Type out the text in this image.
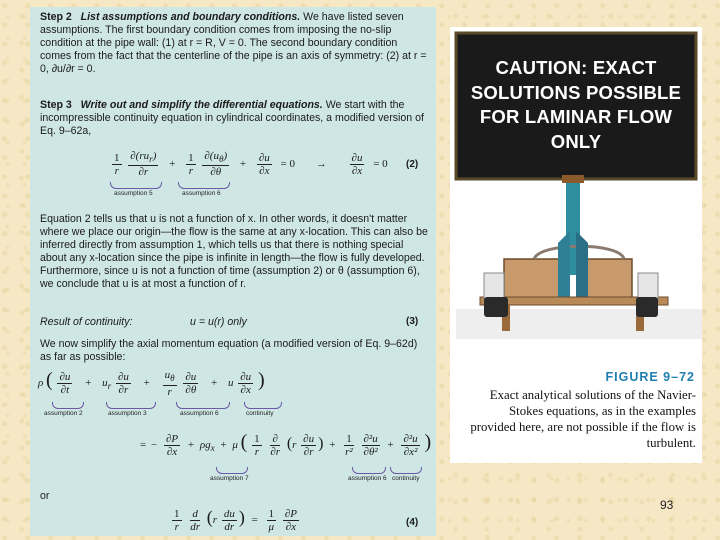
Step 2 List assumptions and boundary conditions. We have listed seven assumptions. The first boundary condition comes from imposing the no-slip condition at the pipe wall: (1) at r = R, V = 0. The second boundary condition comes from the fact that the centerline of the pipe is an axis of symmetry: (2) at r = 0, ∂u/∂r = 0.

Step 3 Write out and simplify the differential equations. We start with the incompressible continuity equation in cylindrical coordinates, a modified version of Eq. 9–62a,

$\frac{1}{r}$
$\frac{\partial(ru_r)}{\partial r} + \frac{1}{r}$
$\frac{\partial(u_\theta)}{\partial\theta} + \frac{\partial u}{\partial x} = 0 \to \frac{\partial u}{\partial x} = 0$
assumption 5	assumption 6
(2)

Equation 2 tells us that u is not a function of x. In other words, it doesn't matter where we place our origin—the flow is the same at any x-location. This can also be inferred directly from assumption 1, which tells us that there is nothing special about any x-location since the pipe is infinite in length—the flow is fully developed. Furthermore, since u is not a function of time (assumption 2) or θ (assumption 6), we conclude that u is at most a function of r.

Result of continuity:	u = u(r) only	(3)

We now simplify the axial momentum equation (a modified version of Eq. 9–62d) as far as possible:

ρ ( $\frac{\partial u}{\partial t} + u_r \frac{\partial u}{\partial r} + \frac{u_\theta}{r}$
$\frac{\partial u}{\partial\theta} + u \frac{\partial u}{\partial x}$ )
assumption 2	assumption 3	assumption 6	continuity
= − $\frac{\partial P}{\partial x} + \rho g_x + \mu$ ( $\frac{1}{r}$
$\frac{\partial}{\partial r} (r \frac{\partial u}{\partial r}$ ) + $\frac{1}{\text{r²}}$
$\frac{\text{∂²u}}{\text{∂θ²}} + \frac{\text{∂²u}}{\text{∂x²}}$ )
assumption 7	assumption 6 continuity
or
$\frac{1}{r}$
$\frac{d}{dr} (r \frac{du}{dr}$ ) = $\frac{1}{\mu}$
$\frac{\partial P}{\partial x}$	(4)
CAUTION: EXACT
SOLUTIONS POSSIBLE
FOR LAMINAR FLOW
ONLY
FIGURE 9–72
Exact analytical solutions of the Navier-Stokes equations, as in the examples provided here, are not possible if the flow is turbulent.
93
